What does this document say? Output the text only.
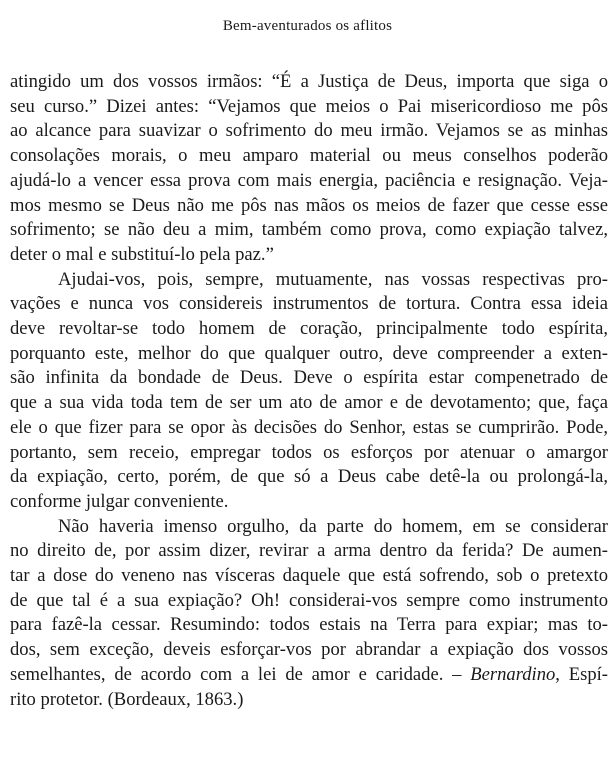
Bem-aventurados os aflitos
atingido um dos vossos irmãos: “É a Justiça de Deus, importa que siga o
seu curso.” Dizei antes: “Vejamos que meios o Pai misericordioso me pôs
ao alcance para suavizar o sofrimento do meu irmão. Vejamos se as minhas
consolações morais, o meu amparo material ou meus conselhos poderão
ajudá-lo a vencer essa prova com mais energia, paciência e resignação. Veja-
mos mesmo se Deus não me pôs nas mãos os meios de fazer que cesse esse
sofrimento; se não deu a mim, também como prova, como expiação talvez,
deter o mal e substituí-lo pela paz.”
Ajudai-vos, pois, sempre, mutuamente, nas vossas respectivas pro-
vações e nunca vos considereis instrumentos de tortura. Contra essa ideia
deve revoltar-se todo homem de coração, principalmente todo espírita,
porquanto este, melhor do que qualquer outro, deve compreender a exten-
são infinita da bondade de Deus. Deve o espírita estar compenetrado de
que a sua vida toda tem de ser um ato de amor e de devotamento; que, faça
ele o que fizer para se opor às decisões do Senhor, estas se cumprirão. Pode,
portanto, sem receio, empregar todos os esforços por atenuar o amargor
da expiação, certo, porém, de que só a Deus cabe detê-la ou prolongá-la,
conforme julgar conveniente.
Não haveria imenso orgulho, da parte do homem, em se considerar
no direito de, por assim dizer, revirar a arma dentro da ferida? De aumen-
tar a dose do veneno nas vísceras daquele que está sofrendo, sob o pretexto
de que tal é a sua expiação? Oh! considerai-vos sempre como instrumento
para fazê-la cessar. Resumindo: todos estais na Terra para expiar; mas to-
dos, sem exceção, deveis esforçar-vos por abrandar a expiação dos vossos
semelhantes, de acordo com a lei de amor e caridade. – Bernardino, Espí-
rito protetor. (Bordeaux, 1863.)
